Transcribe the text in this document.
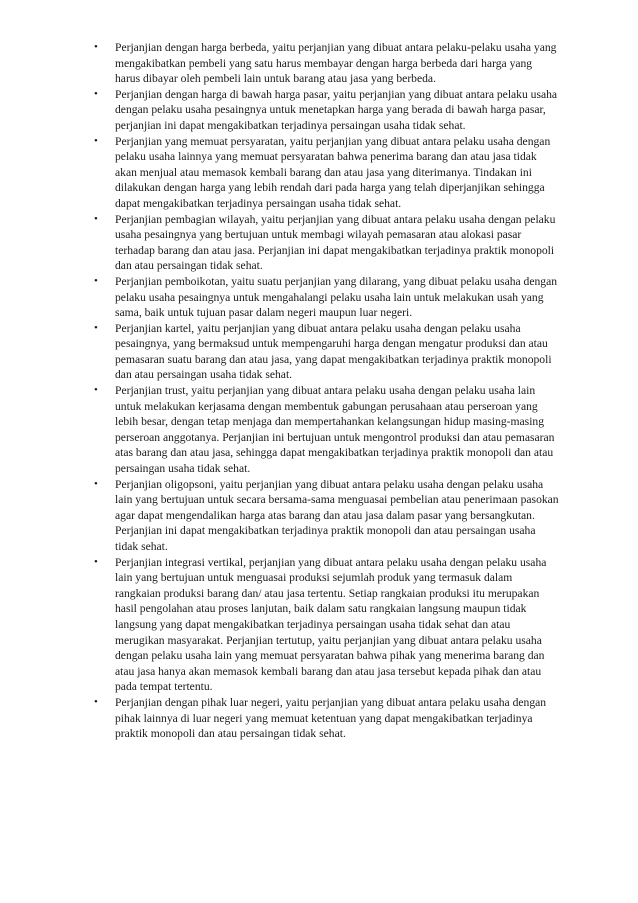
• Perjanjian dengan harga berbeda, yaitu perjanjian yang dibuat antara pelaku-pelaku usaha yang mengakibatkan pembeli yang satu harus membayar dengan harga berbeda dari harga yang harus dibayar oleh pembeli lain untuk barang atau jasa yang berbeda.
• Perjanjian dengan harga di bawah harga pasar, yaitu perjanjian yang dibuat antara pelaku usaha dengan pelaku usaha pesaingnya untuk menetapkan harga yang berada di bawah harga pasar, perjanjian ini dapat mengakibatkan terjadinya persaingan usaha tidak sehat.
• Perjanjian yang memuat persyaratan, yaitu perjanjian yang dibuat antara pelaku usaha dengan pelaku usaha lainnya yang memuat persyaratan bahwa penerima barang dan atau jasa tidak akan menjual atau memasok kembali barang dan atau jasa yang diterimanya. Tindakan ini dilakukan dengan harga yang lebih rendah dari pada harga yang telah diperjanjikan sehingga dapat mengakibatkan terjadinya persaingan usaha tidak sehat.
• Perjanjian pembagian wilayah, yaitu perjanjian yang dibuat antara pelaku usaha dengan pelaku usaha pesaingnya yang bertujuan untuk membagi wilayah pemasaran atau alokasi pasar terhadap barang dan atau jasa. Perjanjian ini dapat mengakibatkan terjadinya praktik monopoli dan atau persaingan tidak sehat.
• Perjanjian pemboikotan, yaitu suatu perjanjian yang dilarang, yang dibuat pelaku usaha dengan pelaku usaha pesaingnya untuk mengahalangi pelaku usaha lain untuk melakukan usah yang sama, baik untuk tujuan pasar dalam negeri maupun luar negeri.
• Perjanjian kartel, yaitu perjanjian yang dibuat antara pelaku usaha dengan pelaku usaha pesaingnya, yang bermaksud untuk mempengaruhi harga dengan mengatur produksi dan atau pemasaran suatu barang dan atau jasa, yang dapat mengakibatkan terjadinya praktik monopoli dan atau persaingan usaha tidak sehat.
• Perjanjian trust, yaitu perjanjian yang dibuat antara pelaku usaha dengan pelaku usaha lain untuk melakukan kerjasama dengan membentuk gabungan perusahaan atau perseroan yang lebih besar, dengan tetap menjaga dan mempertahankan kelangsungan hidup masing-masing perseroan anggotanya. Perjanjian ini bertujuan untuk mengontrol produksi dan atau pemasaran atas barang dan atau jasa, sehingga dapat mengakibatkan terjadinya praktik monopoli dan atau persaingan usaha tidak sehat.
• Perjanjian oligopsoni, yaitu perjanjian yang dibuat antara pelaku usaha dengan pelaku usaha lain yang bertujuan untuk secara bersama-sama menguasai pembelian atau penerimaan pasokan agar dapat mengendalikan harga atas barang dan atau jasa dalam pasar yang bersangkutan. Perjanjian ini dapat mengakibatkan terjadinya praktik monopoli dan atau persaingan usaha tidak sehat.
• Perjanjian integrasi vertikal, perjanjian yang dibuat antara pelaku usaha dengan pelaku usaha lain yang bertujuan untuk menguasai produksi sejumlah produk yang termasuk dalam rangkaian produksi barang dan/ atau jasa tertentu. Setiap rangkaian produksi itu merupakan hasil pengolahan atau proses lanjutan, baik dalam satu rangkaian langsung maupun tidak langsung yang dapat mengakibatkan terjadinya persaingan usaha tidak sehat dan atau merugikan masyarakat. Perjanjian tertutup, yaitu perjanjian yang dibuat antara pelaku usaha dengan pelaku usaha lain yang memuat persyaratan bahwa pihak yang menerima barang dan atau jasa hanya akan memasok kembali barang dan atau jasa tersebut kepada pihak dan atau pada tempat tertentu.
• Perjanjian dengan pihak luar negeri, yaitu perjanjian yang dibuat antara pelaku usaha dengan pihak lainnya di luar negeri yang memuat ketentuan yang dapat mengakibatkan terjadinya praktik monopoli dan atau persaingan tidak sehat.
